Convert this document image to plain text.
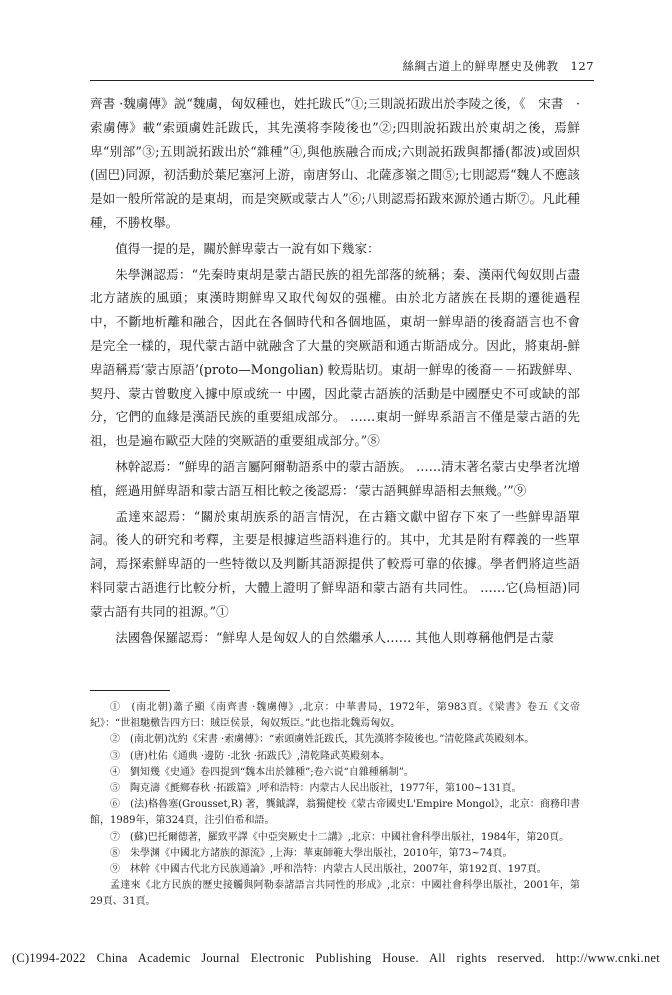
絲綢古道上的鮮卑歷史及佛教　127

齊書 ·魏虜傳》説“魏虜，匈奴種也，姓托跋氏”①;三則説拓跋出於李陵之後，《　宋書　·索虜傳》載“索頭虜姓託跋氏，其先漢将李陵後也”②;四則說拓跋出於東胡之後，焉鮮卑“别部”③;五則説拓跋出於“雜種”④,與他族融合而成;六則説拓跋與都播(都波)或固炽(固巴)同源，初活動於葉尼塞河上游，南唐努山、北薩彥嶺之間⑤;七則認焉“魏人不應該是如一般所常說的是東胡，而是突厥或蒙古人”⑥;八則認焉拓跋來源於通古斯⑦。凡此種種，不勝枚舉。

值得一提的是，關於鮮卑蒙古一說有如下幾家：

朱學渊認焉：“先秦時東胡是蒙古語民族的祖先部落的統稱；秦、漢兩代匈奴則占盡北方諸族的風頭；東漢時期鮮卑又取代匈奴的强權。由於北方諸族在長期的遷徙過程中，不斷地析離和融合，因此在各個時代和各個地區，東胡一鮮卑語的後裔語言也不會是完全一樣的，現代蒙古語中就融含了大量的突厥語和通古斯語成分。因此，將東胡-鮮卑語稱焉‘蒙古原語’(proto—Mongolian) 較焉貼切。東胡一鮮卑的後裔－－拓跋鮮卑、契丹、蒙古曾數度入據中原或统一 中國，因此蒙古語族的活動是中國歷史不可或缺的部分，它們的血緣是漢語民族的重要組成部分。 ……東胡一鮮卑系語言不僅是蒙古語的先祖，也是遍布歐亞大陸的突厥語的重要組成部分。”⑧

林幹認焉：“鮮卑的語言屬阿爾勒語系中的蒙古語族。 ……清末著名蒙古史學者沈增植，經過用鮮卑語和蒙古語互相比較之後認焉：‘蒙古語興鮮卑語相去無幾。’”⑨

孟達來認焉：“關於東胡族系的語言情況，在古籍文獻中留存下來了一些鮮卑語單詞。後人的研究和考釋，主要是根據這些語料進行的。其中，尤其是附有釋義的一些單詞，焉探索鮮卑語的一些特徵以及判斷其語源提供了較焉可靠的依據。學者們將這些語料同蒙古語進行比較分析，大體上證明了鮮卑語和蒙古語有共同性。 ……它(烏桓語)同蒙古語有共同的祖源。”①

法國魯保羅認焉：“鮮卑人是匈奴人的自然繼承人…… 其他人則尊稱他們是古蒙

①　(南北朝)蕭子顯《南齊書 ·魏虜傳》,北京：中華書局，1972年，第983頁。《梁書》卷五《文帝紀》：“世祖馳檄告四方曰：賊臣侯景，匈奴叛臣。”此也指北魏焉匈奴。

②　(南北朝)沈約《宋書 ·索虜傳》：“索頭虜姓託跋氏，其先漢將李陵後也。”清乾隆武英殿刻本。

③　(唐)杜佑《通典 ·邊防 ·北狄 ·拓跋氏》,清乾隆武英殿刻本。

④　劉知幾《史通》卷四提到“魏本出於雜種”;卷六说“自雜種稱制”。

⑤　陶克濤《氈鄉春秋 ·拓跋篇》,呼和浩特：内蒙古人民出版社，1977年，第100~131頁。

⑥　(法)格魯塞(Grousset,R) 著，龔鉞譯，翁獨健校《蒙古帝國史L'Empire Mongol》，北京：商務印書館，1989年，第324頁，注引伯希和語。

⑦　(蘇)巴托爾德著，羅致平譯《中亞突厥史十二講》,北京：中國社會科學出版社，1984年，第20頁。

⑧　朱學渊《中國北方諸族的源流》,上海：華東師範大學出版社，2010年，第73~74頁。

⑨　林幹《中國古代北方民族通論》,呼和浩特：内蒙古人民出版社，2007年，第192頁、197頁。

孟達來《北方民族的歷史接觸與阿勒泰諸語言共同性的形成》,北京：中國社會科學出版社，2001年，第29頁、31頁。

(C)1994-2022 China Academic Journal Electronic Publishing House. All rights reserved. http://www.cnki.net
